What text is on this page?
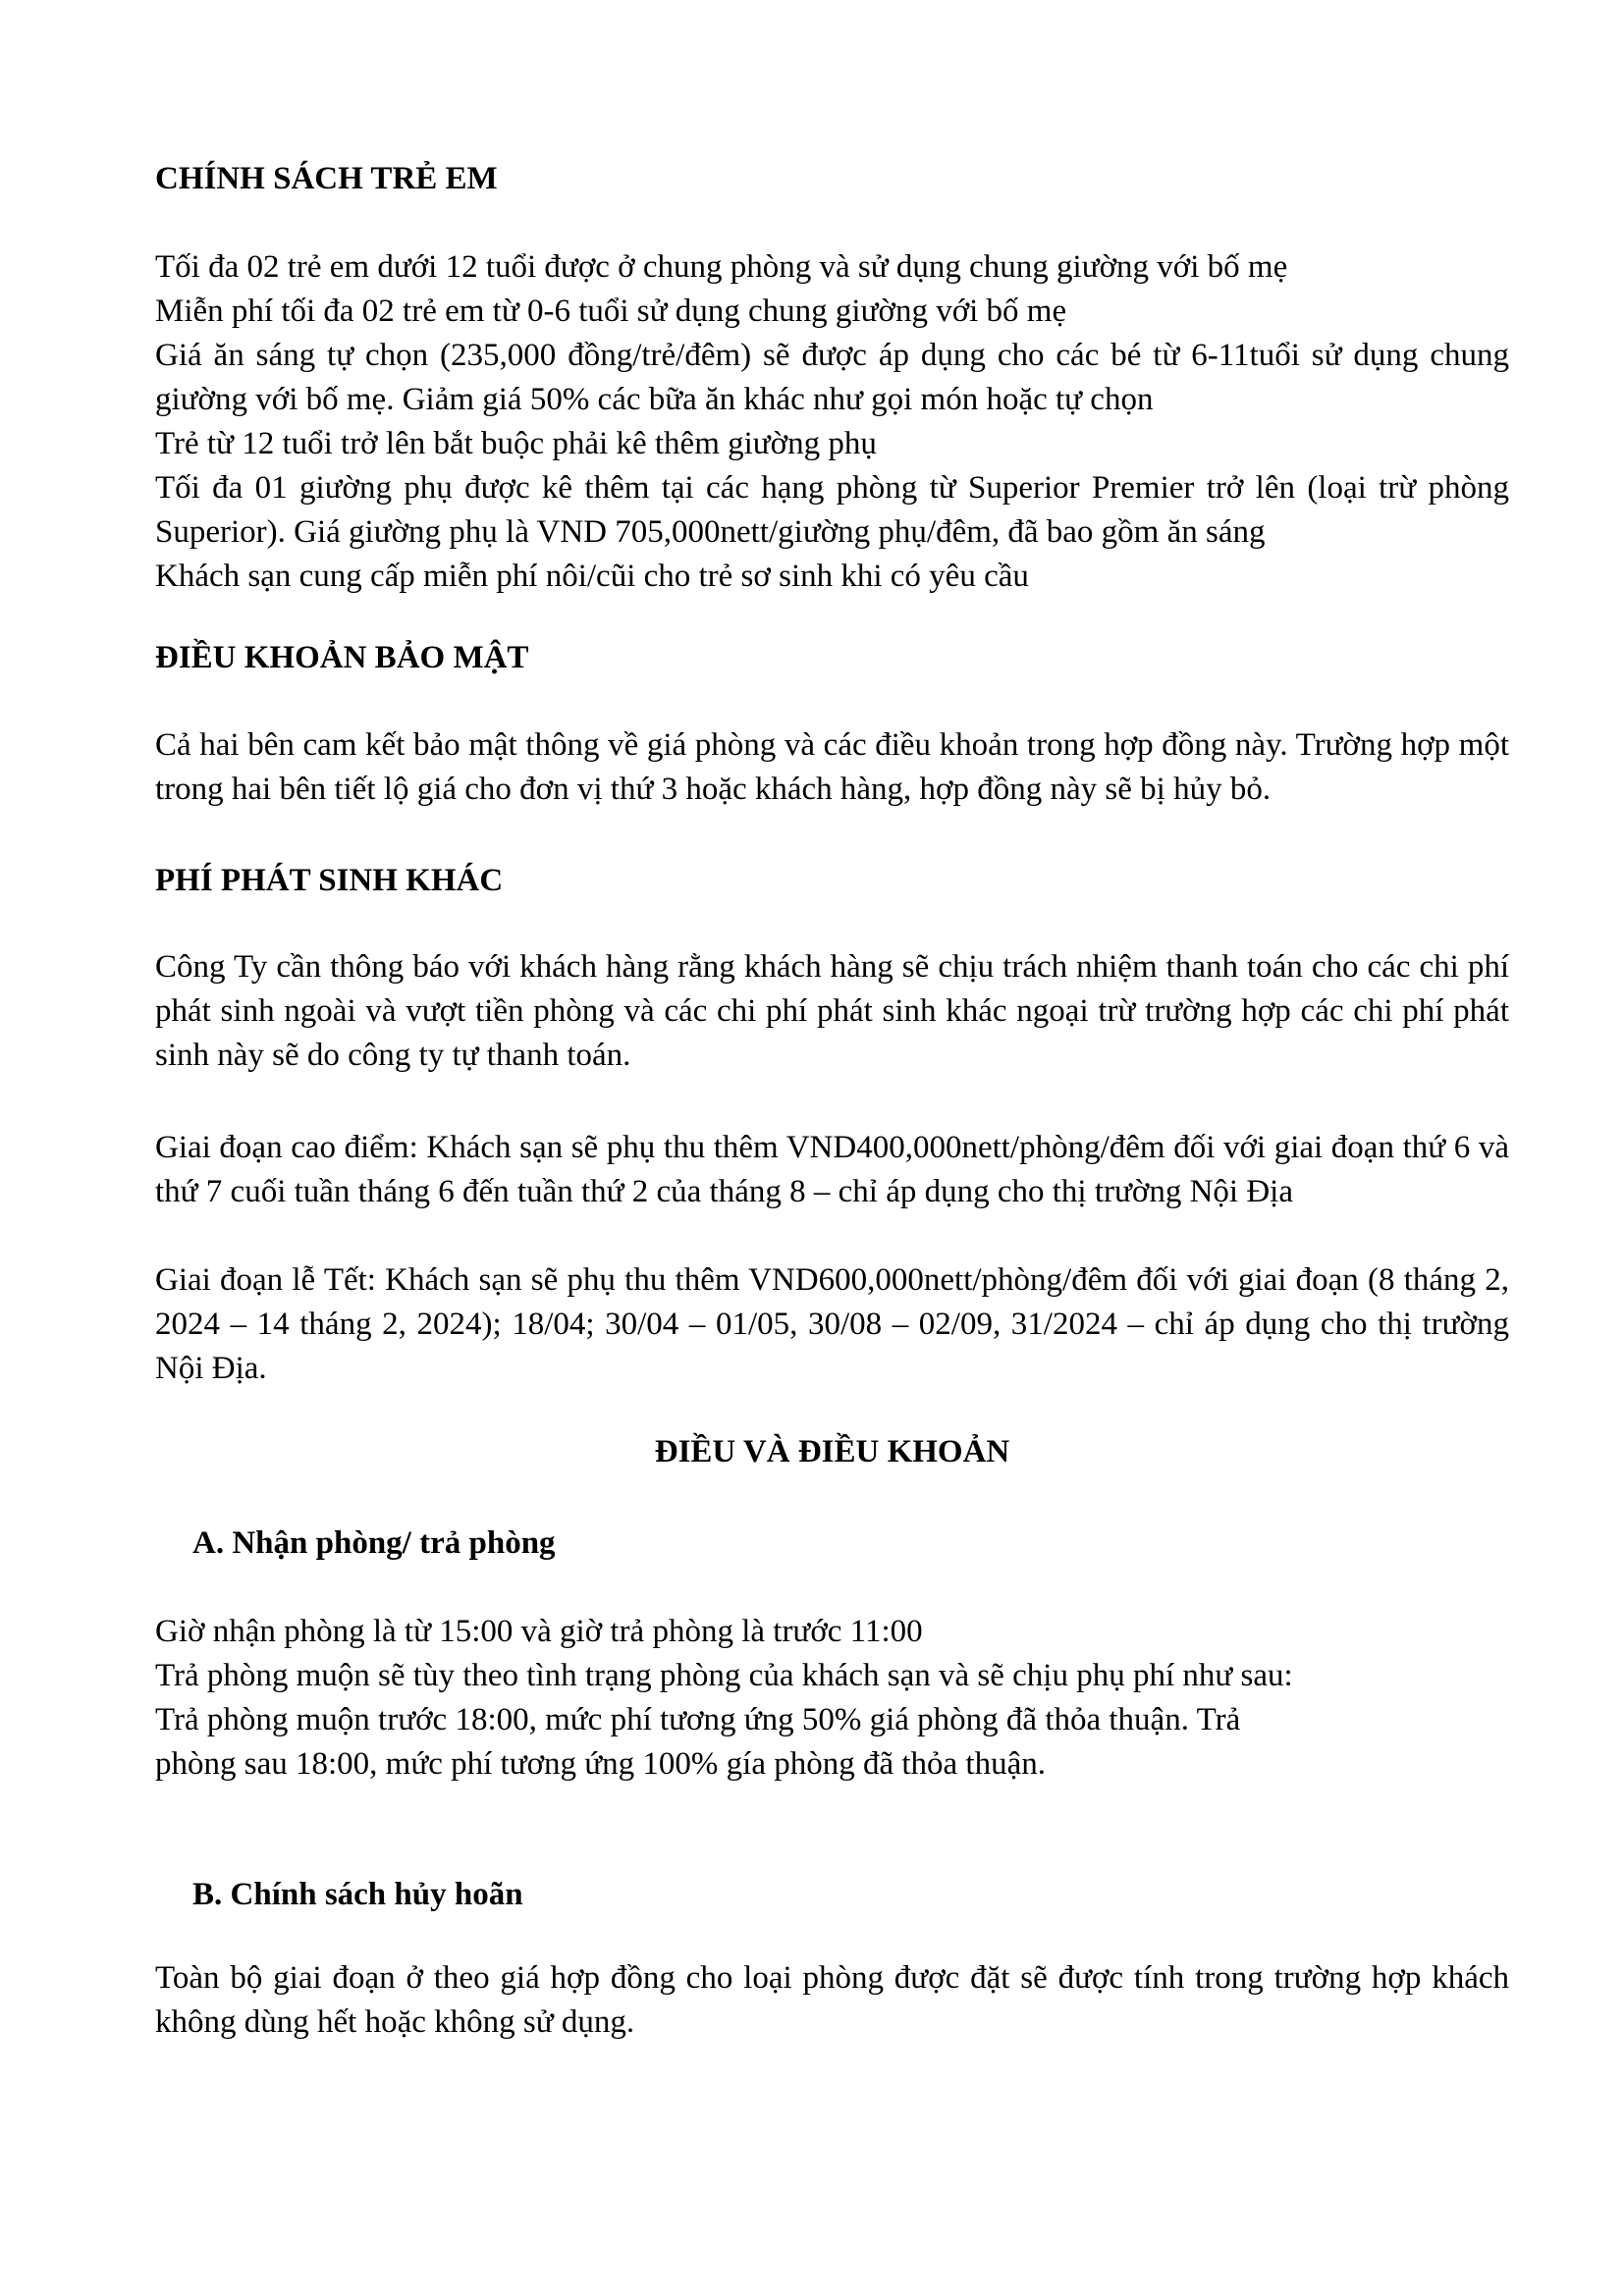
CHÍNH SÁCH TRẺ EM
Tối đa 02 trẻ em dưới 12 tuổi được ở chung phòng và sử dụng chung giường với bố mẹ
Miễn phí tối đa 02 trẻ em từ 0-6 tuổi sử dụng chung giường với bố mẹ
Giá ăn sáng tự chọn (235,000 đồng/trẻ/đêm) sẽ được áp dụng cho các bé từ 6-11tuổi sử dụng chung giường với bố mẹ. Giảm giá 50% các bữa ăn khác như gọi món hoặc tự chọn
Trẻ từ 12 tuổi trở lên bắt buộc phải kê thêm giường phụ
Tối đa 01 giường phụ được kê thêm tại các hạng phòng từ Superior Premier trở lên (loại trừ phòng Superior). Giá giường phụ là VND 705,000nett/giường phụ/đêm, đã bao gồm ăn sáng
Khách sạn cung cấp miễn phí nôi/cũi cho trẻ sơ sinh khi có yêu cầu
ĐIỀU KHOẢN BẢO MẬT
Cả hai bên cam kết bảo mật thông về giá phòng và các điều khoản trong hợp đồng này. Trường hợp một trong hai bên tiết lộ giá cho đơn vị thứ 3 hoặc khách hàng, hợp đồng này sẽ bị hủy bỏ.
PHÍ PHÁT SINH KHÁC
Công Ty cần thông báo với khách hàng rằng khách hàng sẽ chịu trách nhiệm thanh toán cho các chi phí phát sinh ngoài và vượt tiền phòng và các chi phí phát sinh khác ngoại trừ trường hợp các chi phí phát sinh này sẽ do công ty tự thanh toán.
Giai đoạn cao điểm: Khách sạn sẽ phụ thu thêm VND400,000nett/phòng/đêm đối với giai đoạn thứ 6 và thứ 7 cuối tuần tháng 6 đến tuần thứ 2 của tháng 8 – chỉ áp dụng cho thị trường Nội Địa
Giai đoạn lễ Tết: Khách sạn sẽ phụ thu thêm VND600,000nett/phòng/đêm đối với giai đoạn (8 tháng 2, 2024 – 14 tháng 2, 2024); 18/04; 30/04 – 01/05, 30/08 – 02/09, 31/2024 – chỉ áp dụng cho thị trường Nội Địa.
ĐIỀU VÀ ĐIỀU KHOẢN
A. Nhận phòng/ trả phòng
Giờ nhận phòng là từ 15:00 và giờ trả phòng là trước 11:00
Trả phòng muộn sẽ tùy theo tình trạng phòng của khách sạn và sẽ chịu phụ phí như sau:
Trả phòng muộn trước 18:00, mức phí tương ứng 50% giá phòng đã thỏa thuận. Trả
phòng sau 18:00, mức phí tương ứng 100% gía phòng đã thỏa thuận.
B. Chính sách hủy hoãn
Toàn bộ giai đoạn ở theo giá hợp đồng cho loại phòng được đặt sẽ được tính trong trường hợp khách không dùng hết hoặc không sử dụng.
